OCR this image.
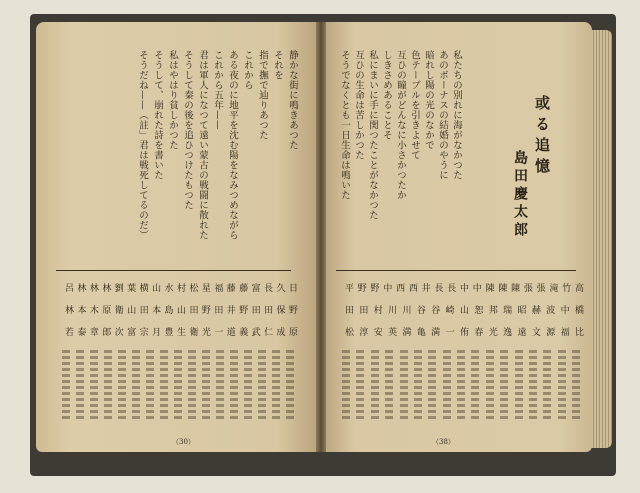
静かな街に鳴きあつた
それを
指で撫で辿りあつた
これから
ある夜のに地平を沈む陽をなみつめながら
これから五年——
君は軍人になつて遠い蒙古の戦闘に散れた
そうして秦の後を追ひつけたもつた
私はやはり貧しかつた
そうして、崩れた詩を書いた
そうだね——（註」君は戦死してるのだ）
日
久
長
富
藤
藤
福
星
松
村
水
山
横
葉
劉
林
林
林
呂
野
保
田
田
野
井
田
野
田
山
島
本
田
山
衛
原
木
本
林
原
成
仁
武
義
道
一
光
衛
生
豊
月
宗
富
次
郎
章
泰
若
（30）
私たちの別れに海がなかつた
あのボーナスの結婚のやうに
暗れし陽の光のなかで
色テーブルを引きよせて
互ひの瞳がどんなに小さかつたか
しきさめあることそ
私にまいに手に関つたことがなかつた
互ひの生命は苦しかつた
そうでなくとも一日生命は鳴いた	或る追憶
島田慶太郎
高
竹
滝
張
張
陳
陳
陳
中
中
長
長
井
西
西
中
野
野
平
橋
中
波
赫
昭
瑞
邦
恕
山
崎
谷
谷
川
川
村
田
田
比
福
源
文
遠
逸
光
春
侑
一
満
亀
満
英
安
淳
松
（38）
